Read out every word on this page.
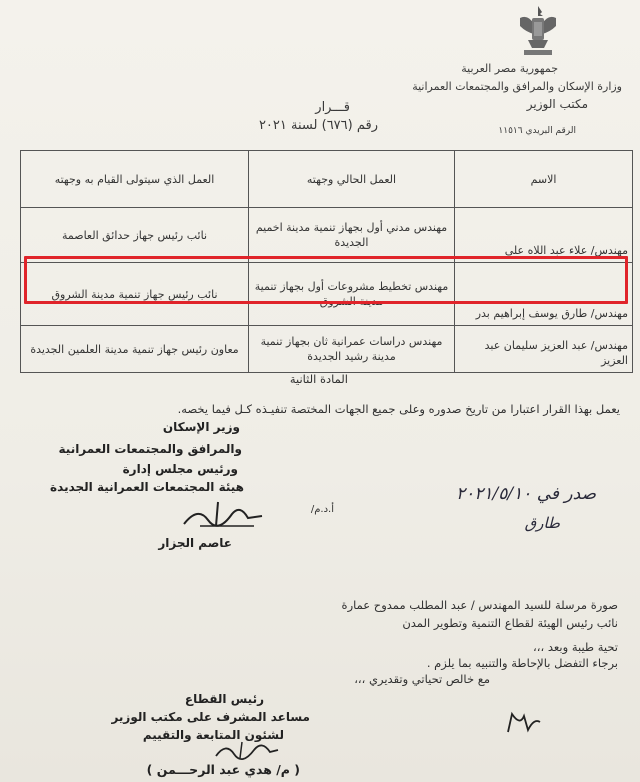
جمهورية مصر العربية
وزارة الإسكان والمرافق والمجتمعات العمرانية
مكتب الوزير
الرقم البريدي ١١٥١٦
قـــرار
رقم (٦٧٦) لسنة ٢٠٢١
الاسم	العمل الحالي وجهته	العمل الذي سيتولى القيام به وجهته
مهندس/ علاء عبد اللاه علي	مهندس مدني أول بجهاز تنمية مدينة اخميم الجديدة	نائب رئيس جهاز حدائق العاصمة
مهندس/ طارق يوسف إبراهيم بدر	مهندس تخطيط مشروعات أول بجهاز تنمية مدينة الشروق	نائب رئيس جهاز تنمية مدينة الشروق
مهندس/ عبد العزيز سليمان عبد العزيز	مهندس دراسات عمرانية ثان بجهاز تنمية مدينة رشيد الجديدة	معاون رئيس جهاز تنمية مدينة العلمين الجديدة
المادة الثانية
يعمل بهذا القرار اعتبارا من تاريخ صدوره وعلى جميع الجهات المختصة تنفيـذه كـل فيما يخصه.
وزير الإسكان
والمرافق والمجتمعات العمرانية
ورئيس مجلس إدارة
هيئة المجتمعات العمرانية الجديدة
أ.د.م/
عاصم الجزار
صدر في ٢٠٢١/٥/١٠
طارق
صورة مرسلة للسيد المهندس / عبد المطلب ممدوح عمارة
نائب رئيس الهيئة لقطاع التنمية وتطوير المدن
تحية طيبة وبعد ،،،
برجاء التفضل بالإحاطة والتنبيه بما يلزم .
مع خالص تحياتي وتقديري ،،،
رئيس القطاع
مساعد المشرف على مكتب الوزير
لشئون المتابعة والتقييم
( م/ هدي عبد الرحـــمن )
